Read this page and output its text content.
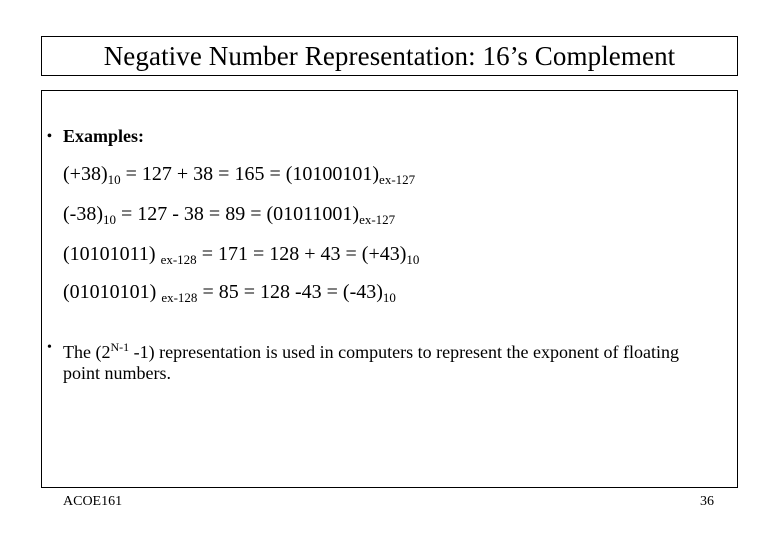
Negative Number Representation: 16’s Complement
• Examples:
$(+38)_{10} = 127 + 38 = 165 = (10100101)_{ex-127}$
$(-38)_{10} = 127 - 38 = 89 = (01011001)_{ex-127}$
(10101011) $_{ex-128} = 171 = 128 + 43 = (+43)_{10}$
(01010101) $_{ex-128}$ = 85 = 128 $-43 = (-43)_{10}$
• The ($2^{N-1}$ -1) representation is used in computers to represent the exponent of floating point numbers.
ACOE161	36
